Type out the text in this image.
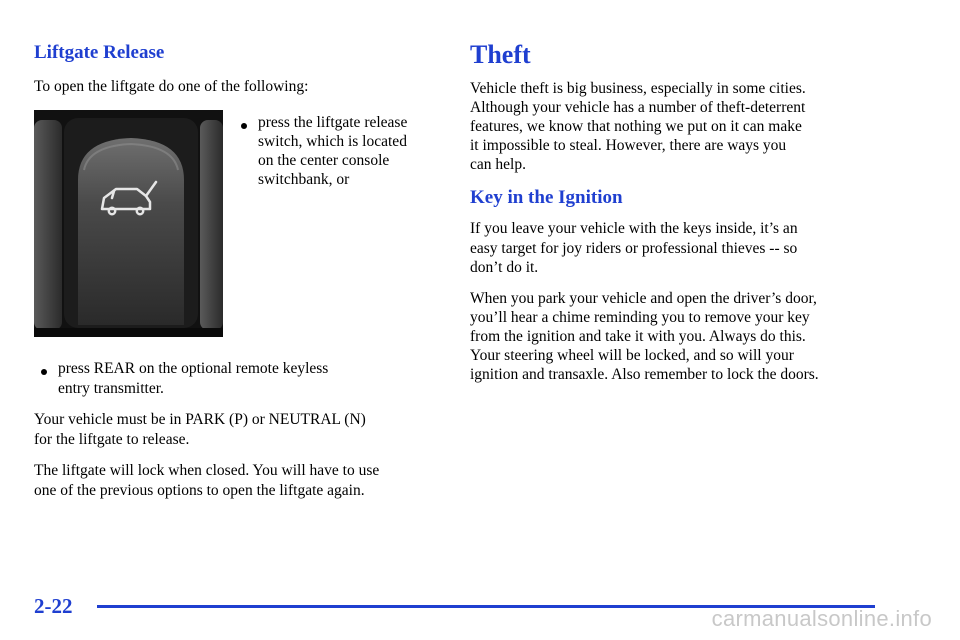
Liftgate Release

To open the liftgate do one of the following:

press the liftgate release

switch, which is located

on the center console

switchbank, or

press REAR on the optional remote keyless

entry transmitter.

Your vehicle must be in PARK (P) or NEUTRAL (N)

for the liftgate to release.

The liftgate will lock when closed. You will have to use

one of the previous options to open the liftgate again.

Theft

Vehicle theft is big business, especially in some cities.

Although your vehicle has a number of theft‑deterrent

features, we know that nothing we put on it can make

it impossible to steal. However, there are ways you

can help.

Key in the Ignition

If you leave your vehicle with the keys inside, it’s an

easy target for joy riders or professional thieves ‑‑ so

don’t do it.

When you park your vehicle and open the driver’s door,

you’ll hear a chime reminding you to remove your key

from the ignition and take it with you. Always do this.

Your steering wheel will be locked, and so will your

ignition and transaxle. Also remember to lock the doors.

2-22	carmanualsonline.info
